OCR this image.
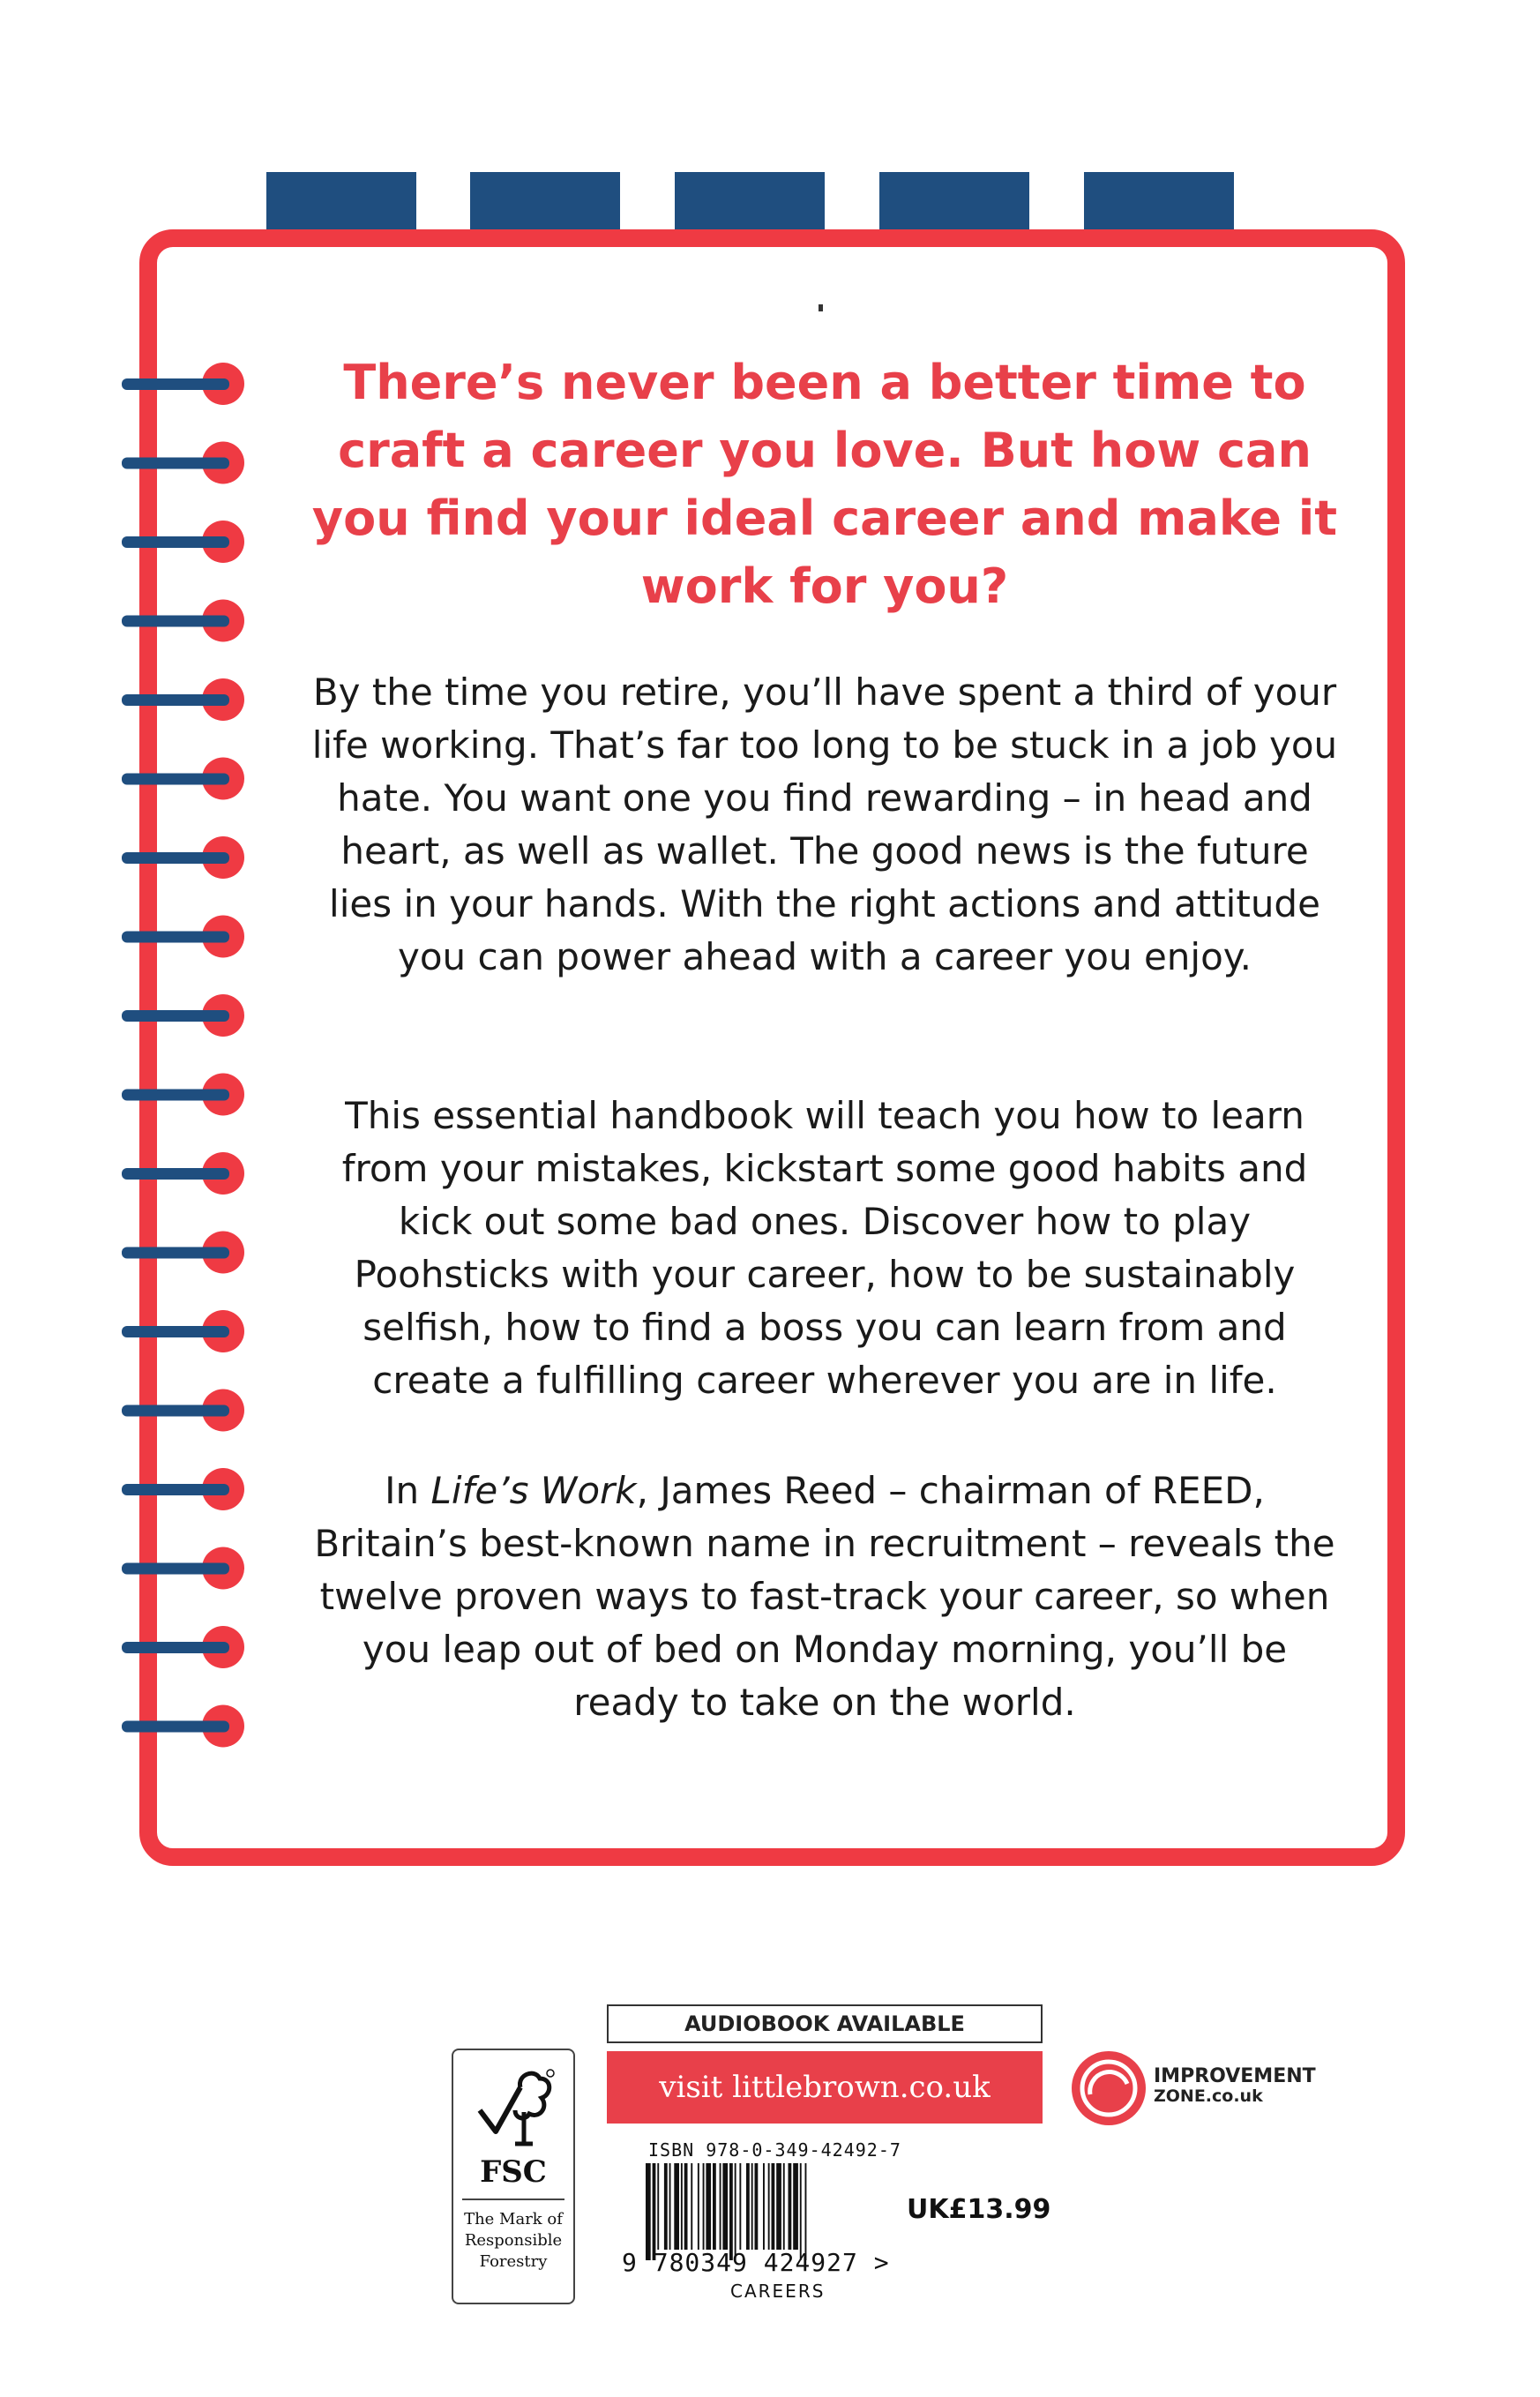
There’s never been a better time to craft a career you love. But how can you find your ideal career and make it work for you?

By the time you retire, you’ll have spent a third of your life working. That’s far too long to be stuck in a job you hate. You want one you find rewarding – in head and heart, as well as wallet. The good news is the future lies in your hands. With the right actions and attitude you can power ahead with a career you enjoy.

This essential handbook will teach you how to learn from your mistakes, kickstart some good habits and kick out some bad ones. Discover how to play Poohsticks with your career, how to be sustainably selfish, how to find a boss you can learn from and create a fulfilling career wherever you are in life.

In Life’s Work, James Reed – chairman of REED, Britain’s best-known name in recruitment – reveals the twelve proven ways to fast-track your career, so when you leap out of bed on Monday morning, you’ll be ready to take on the world.

AUDIOBOOK AVAILABLE
visit littlebrown.co.uk
FSC
The Mark of
Responsible
Forestry
ISBN 978-0-349-42492-7
9 780349 424927 >
UK£13.99
CAREERS
IMPROVEMENT
ZONE.co.uk
